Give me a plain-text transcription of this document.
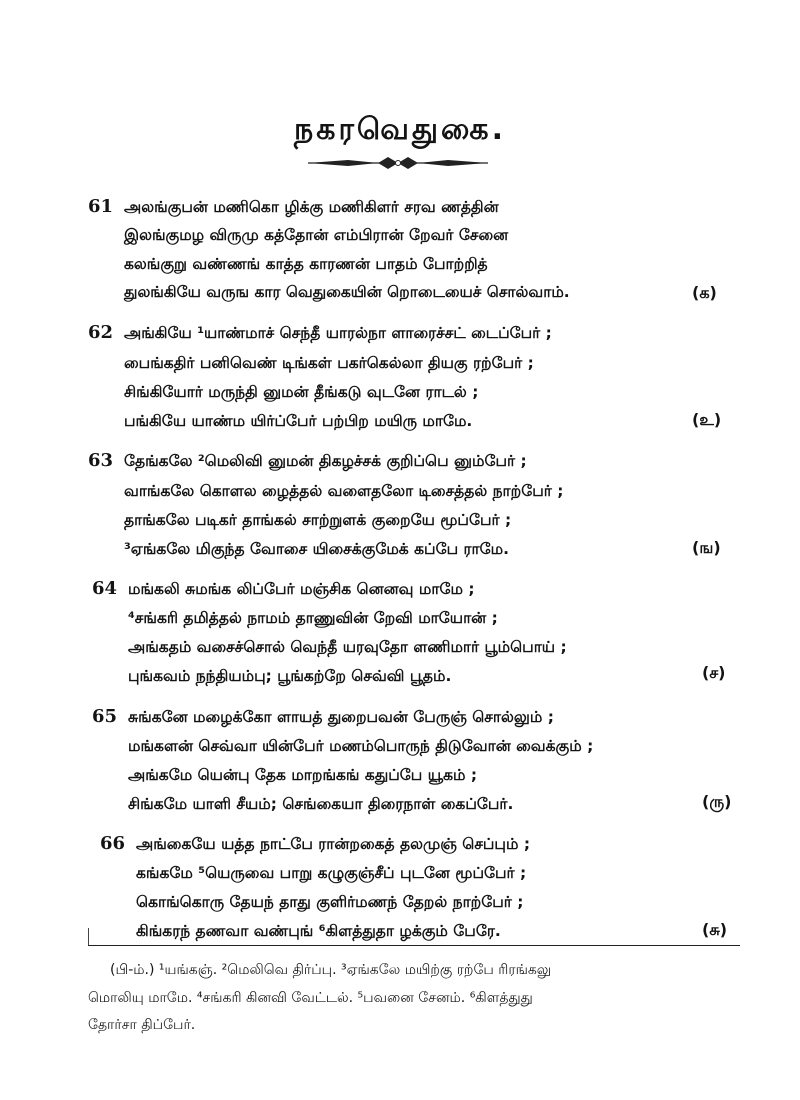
நகரவெதுகை.
61 அலங்குபன் மணிகொ ழிக்கு மணிகிளர் சரவ ணத்தின்
இலங்குமழ விருமு கத்தோன் எம்பிரான் றேவர் சேனை
கலங்குறு வண்ணங் காத்த காரணன் பாதம் போற்றித்
துலங்கியே வருங கார வெதுகையின் றொடையைச் சொல்வாம்.	(க)
62 அங்கியே ¹யாண்மாச் செந்தீ யாரல்நா ளாரைச்சட் டைப்பேர் ;
பைங்கதிர் பனிவெண் டிங்கள் பகர்கெல்லா தியகு ரற்பேர் ;
சிங்கியோர் மருந்தி னுமன் தீங்கடு வுடனே ராடல் ;
பங்கியே யாண்ம யிர்ப்பேர் பற்பிற மயிரு மாமே.	(உ)
63 தேங்கலே ²மெலிவி னுமன் திகழச்சக் குறிப்பெ னும்பேர் ;
வாங்கலே கொளல ழைத்தல் வளைதலோ டிசைத்தல் நாற்பேர் ;
தாங்கலே படிகர் தாங்கல் சாற்றுளக் குறையே மூப்பேர் ;
³ஏங்கலே மிகுந்த வோசை யிசைக்குமேக் கப்பே ராமே.	(ங)
64 மங்கலி சுமங்க லிப்பேர் மஞ்சிக னெனவு மாமே ;
⁴சங்கரி தமித்தல் நாமம் தாணுவின் றேவி மாயோன் ;
அங்கதம் வசைச்சொல் வெந்தீ யரவுதோ ளணிமார் பூம்பொய் ;
புங்கவம் நந்தியம்பு; பூங்கற்றே செவ்வி பூதம்.	(ச)
65 சுங்கனே மழைக்கோ ளாயத் துறைபவன் பேருஞ் சொல்லும் ;
மங்களன் செவ்வா யின்பேர் மணம்பொருந் திடுவோன் வைக்கும் ;
அங்கமே யென்பு தேக மாறங்கங் கதுப்பே யூகம் ;
சிங்கமே யாளி சீயம்; செங்கையா திரைநாள் கைப்பேர்.	(ரு)
66 அங்கையே யத்த நாட்பே ரான்றகைத் தலமுஞ் செப்பும் ;
கங்கமே ⁵யெருவை பாறு கழுகுஞ்சீப் புடனே மூப்பேர் ;
கொங்கொரு தேயந் தாது குளிர்மணந் தேறல் நாற்பேர் ;
கிங்கரந் தணவா வண்புங் ⁶கிளத்துதா ழக்கும் பேரே.	(சு)
(பி-ம்.) ¹யங்கஞ். ²மெலிவெ திர்ப்பு. ³ஏங்கலே மயிற்கு ரற்பே ரிரங்கலு
மொலியு மாமே. ⁴சங்கரி கினவி வேட்டல். ⁵பவனை சேனம். ⁶கிளத்துது
தோர்சா திப்பேர்.
